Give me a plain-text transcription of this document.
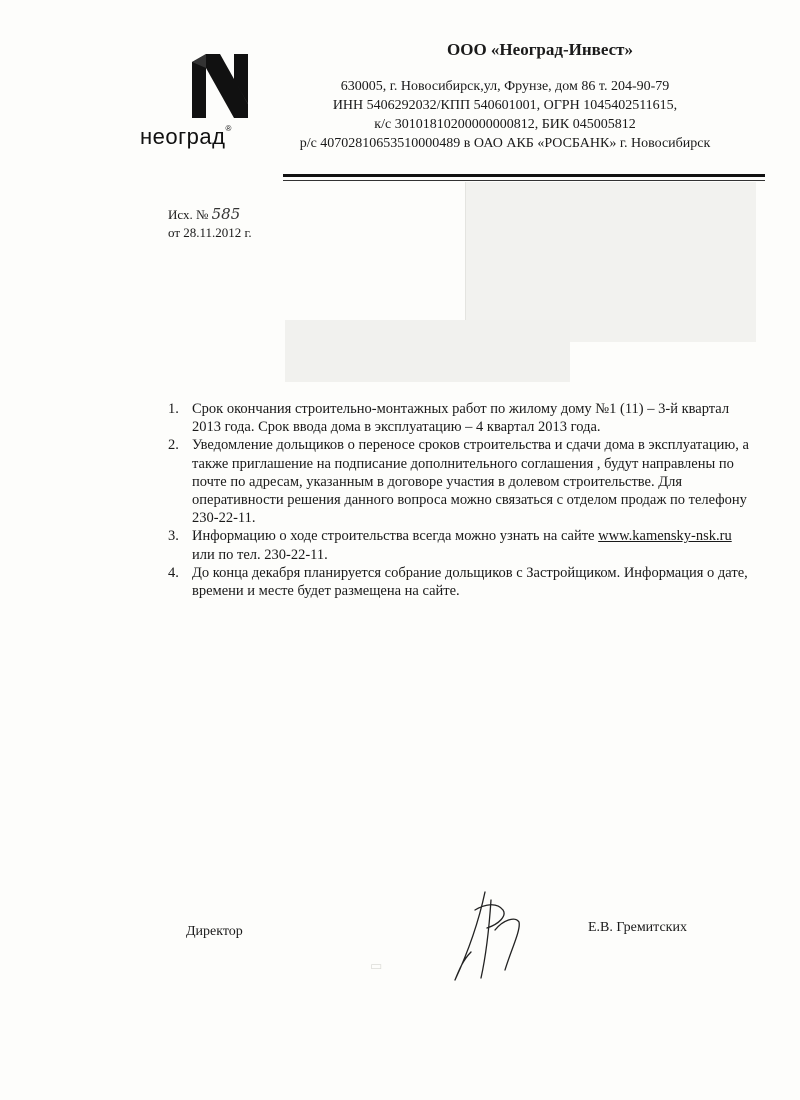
неоград®
ООО «Неоград-Инвест»
630005, г. Новосибирск,ул, Фрунзе, дом 86 т. 204-90-79
ИНН 5406292032/КПП 540601001, ОГРН 1045402511615,
к/с 30101810200000000812, БИК 045005812
р/с 40702810653510000489 в ОАО АКБ «РОСБАНК» г. Новосибирск
Исх. № 585
от 28.11.2012 г.
1. Срок окончания строительно-монтажных работ по жилому дому №1 (11) – 3-й квартал 2013 года. Срок ввода дома в эксплуатацию – 4 квартал 2013 года.
2. Уведомление дольщиков о переносе сроков строительства и сдачи дома в эксплуатацию, а также приглашение на подписание дополнительного соглашения , будут направлены по почте по адресам, указанным в договоре участия в долевом строительстве. Для оперативности решения данного вопроса можно связаться с отделом продаж по телефону 230-22-11.
3. Информацию о ходе строительства всегда можно узнать на сайте www.kamensky-nsk.ru или по тел. 230-22-11.
4. До конца декабря планируется собрание дольщиков с Застройщиком. Информация о дате, времени и месте будет размещена на сайте.
Директор
▭
Е.В. Гремитских
